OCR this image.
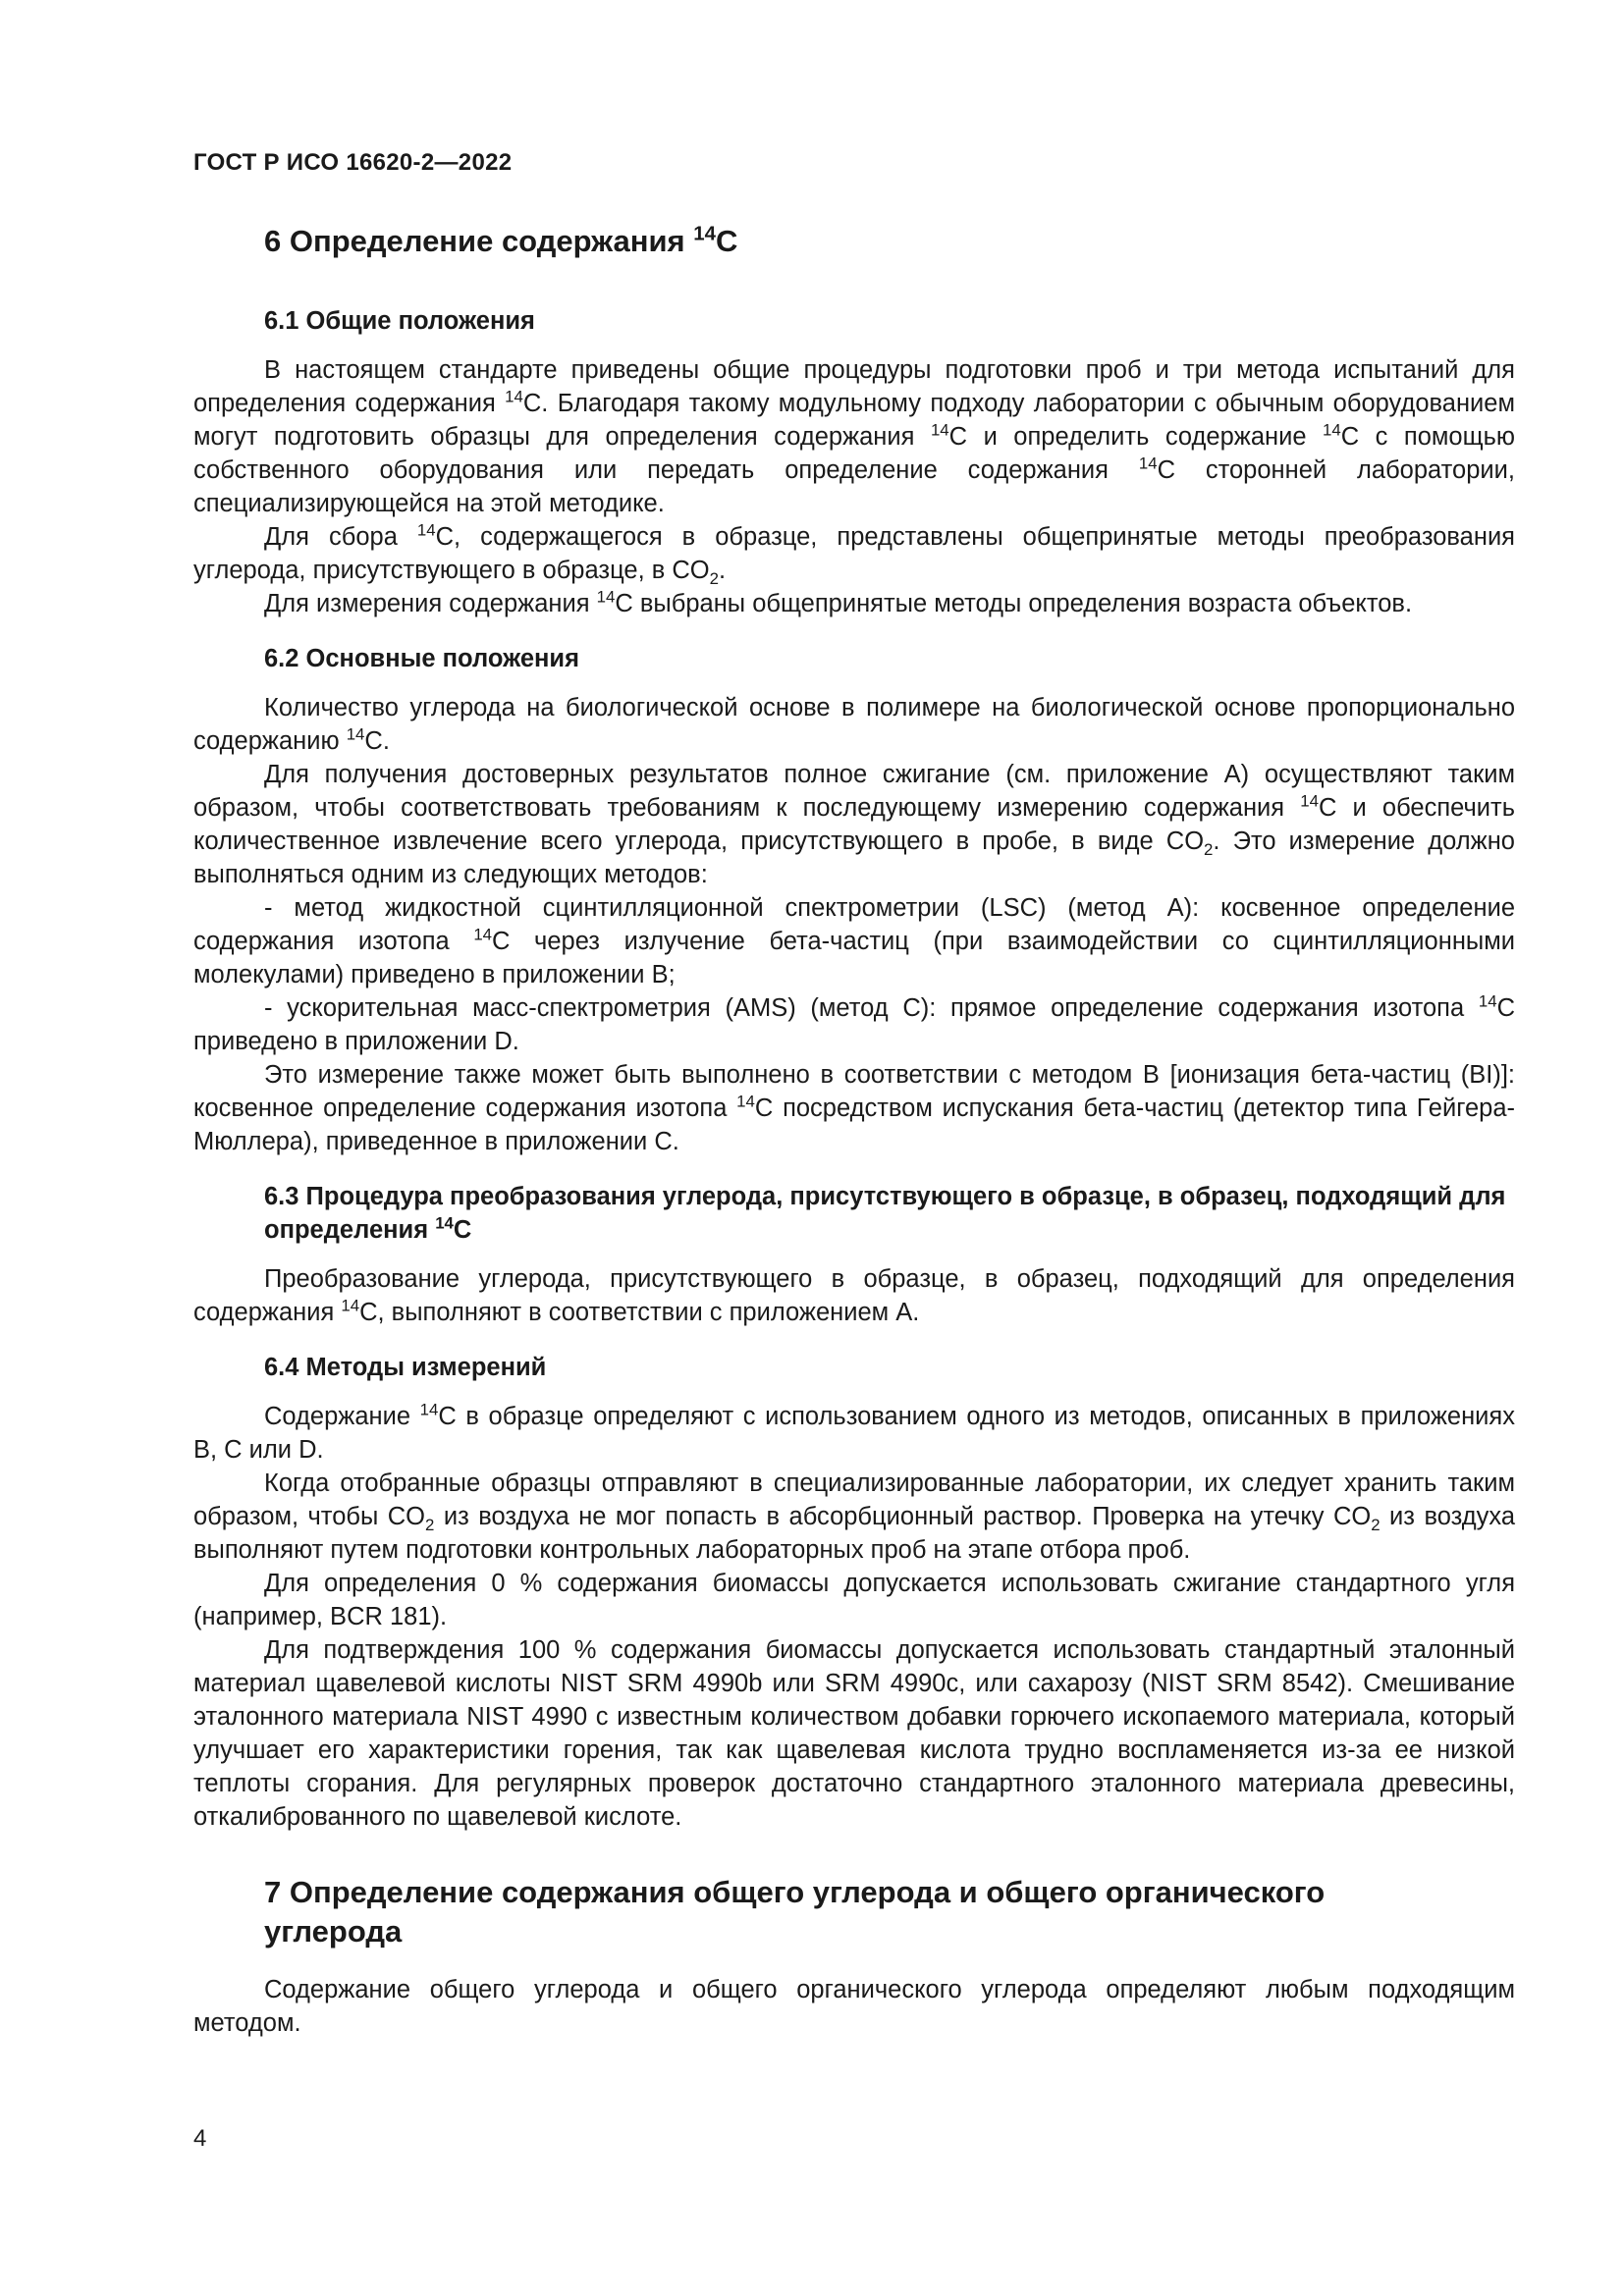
ГОСТ Р ИСО 16620-2—2022
6 Определение содержания $^{14}$C
6.1 Общие положения

В настоящем стандарте приведены общие процедуры подготовки проб и три метода испытаний для определения содержания $^{14}$С. Благодаря такому модульному подходу лаборатории с обычным оборудованием могут подготовить образцы для определения содержания $^{14}$С и определить содержание $^{14}$С с помощью собственного оборудования или передать определение содержания $^{14}$С сторонней лаборатории, специализирующейся на этой методике.

Для сбора $^{14}$С, содержащегося в образце, представлены общепринятые методы преобразования углерода, присутствующего в образце, в $CO_2$.

Для измерения содержания $^{14}$С выбраны общепринятые методы определения возраста объектов.

6.2 Основные положения

Количество углерода на биологической основе в полимере на биологической основе пропорционально содержанию $^{14}$С.

Для получения достоверных результатов полное сжигание (см. приложение А) осуществляют таким образом, чтобы соответствовать требованиям к последующему измерению содержания $^{14}$С и обеспечить количественное извлечение всего углерода, присутствующего в пробе, в виде $CO_2$. Это измерение должно выполняться одним из следующих методов:

- метод жидкостной сцинтилляционной спектрометрии (LSC) (метод А): косвенное определение содержания изотопа $^{14}$С через излучение бета-частиц (при взаимодействии со сцинтилляционными молекулами) приведено в приложении В;

- ускорительная масс-спектрометрия (AMS) (метод С): прямое определение содержания изотопа $^{14}$С приведено в приложении D.

Это измерение также может быть выполнено в соответствии с методом В [ионизация бета-частиц (BI)]: косвенное определение содержания изотопа $^{14}$С посредством испускания бета-частиц (детектор типа Гейгера-Мюллера), приведенное в приложении С.

6.3 Процедура преобразования углерода, присутствующего в образце, в образец, подходящий для определения $^{14}$С

Преобразование углерода, присутствующего в образце, в образец, подходящий для определения содержания $^{14}$С, выполняют в соответствии с приложением А.

6.4 Методы измерений

Содержание $^{14}$С в образце определяют с использованием одного из методов, описанных в приложениях В, С или D.

Когда отобранные образцы отправляют в специализированные лаборатории, их следует хранить таким образом, чтобы $CO_2$ из воздуха не мог попасть в абсорбционный раствор. Проверка на утечку $CO_2$ из воздуха выполняют путем подготовки контрольных лабораторных проб на этапе отбора проб.

Для определения 0 % содержания биомассы допускается использовать сжигание стандартного угля (например, BCR 181).

Для подтверждения 100 % содержания биомассы допускается использовать стандартный эталонный материал щавелевой кислоты NIST SRM 4990b или SRM 4990c, или сахарозу (NIST SRM 8542). Смешивание эталонного материала NIST 4990 с известным количеством добавки горючего ископаемого материала, который улучшает его характеристики горения, так как щавелевая кислота трудно воспламеняется из-за ее низкой теплоты сгорания. Для регулярных проверок достаточно стандартного эталонного материала древесины, откалиброванного по щавелевой кислоте.

7 Определение содержания общего углерода и общего органического углерода

Содержание общего углерода и общего органического углерода определяют любым подходящим методом.

4
